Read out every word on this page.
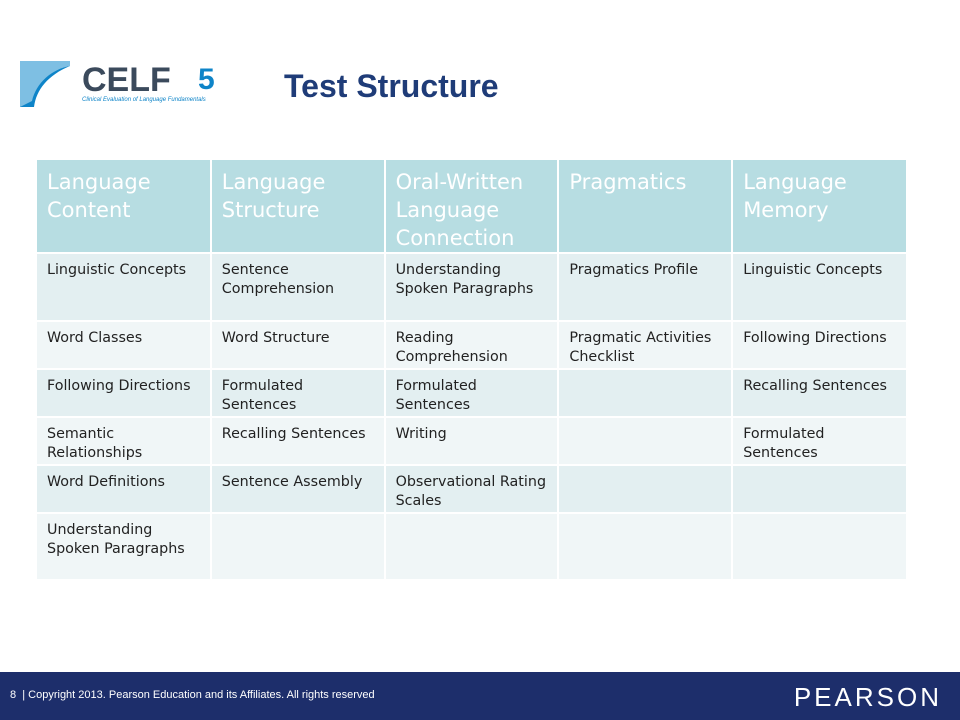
CELF 5
Clinical Evaluation of Language Fundamentals Test Structure
Language Content	Language Structure	Oral-Written Language Connection	Pragmatics	Language Memory
Linguistic Concepts	Sentence Comprehension	Understanding Spoken Paragraphs	Pragmatics Profile	Linguistic Concepts
Word Classes	Word Structure	Reading Comprehension	Pragmatic Activities Checklist	Following Directions
Following Directions	Formulated Sentences	Formulated Sentences		Recalling Sentences
Semantic Relationships	Recalling Sentences	Writing		Formulated Sentences
Word Definitions	Sentence Assembly	Observational Rating Scales		
Understanding Spoken Paragraphs				
8  | Copyright 2013. Pearson Education and its Affiliates. All rights reserved	PEARSON
